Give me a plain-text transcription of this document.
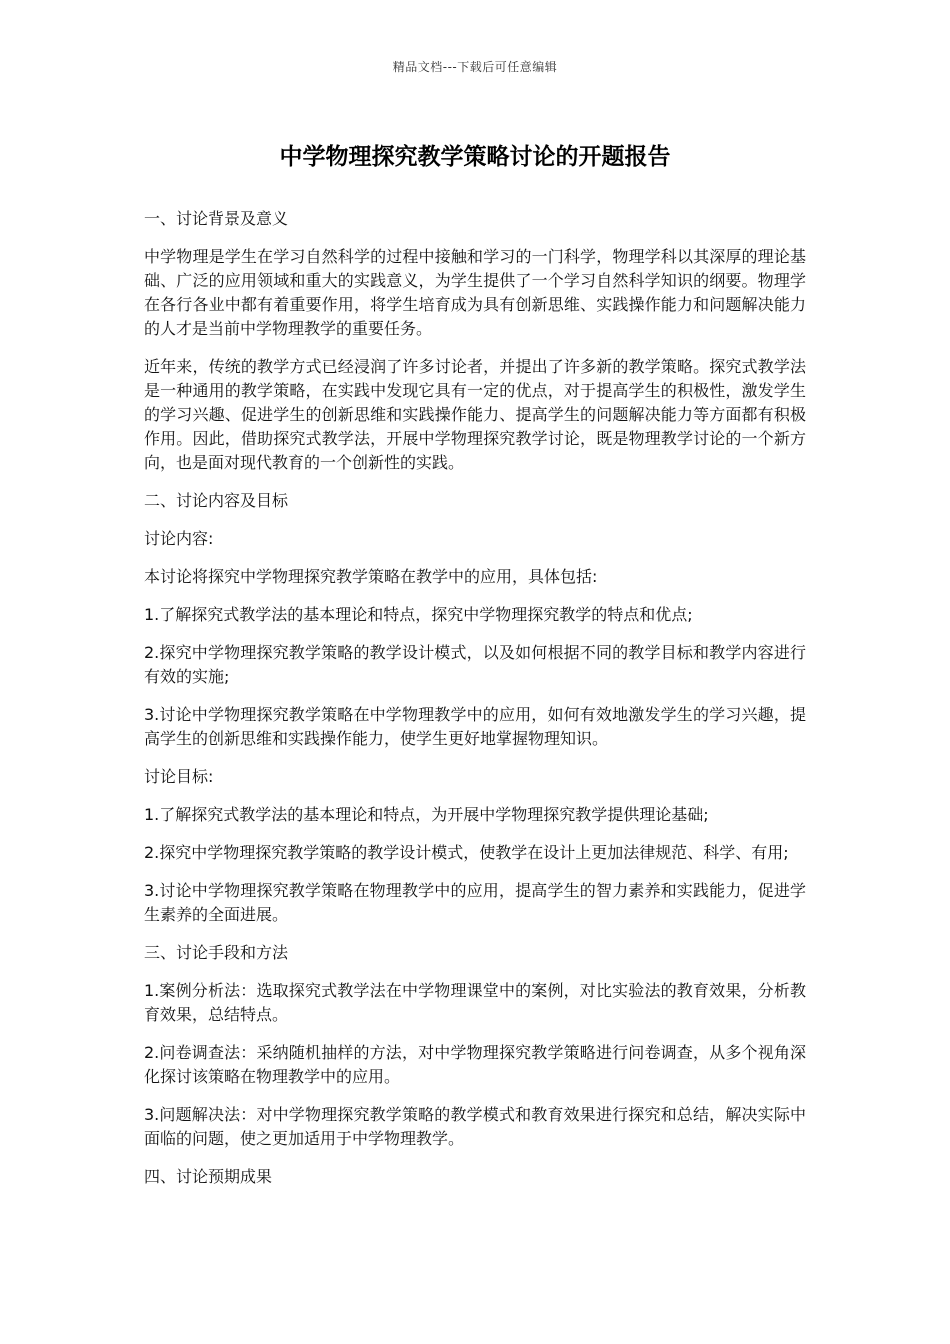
精品文档---下载后可任意编辑
中学物理探究教学策略讨论的开题报告

一、讨论背景及意义

中学物理是学生在学习自然科学的过程中接触和学习的一门科学，物理学科以其深厚的理论基础、广泛的应用领域和重大的实践意义，为学生提供了一个学习自然科学知识的纲要。物理学在各行各业中都有着重要作用，将学生培育成为具有创新思维、实践操作能力和问题解决能力的人才是当前中学物理教学的重要任务。

近年来，传统的教学方式已经浸润了许多讨论者，并提出了许多新的教学策略。探究式教学法是一种通用的教学策略，在实践中发现它具有一定的优点，对于提高学生的积极性，激发学生的学习兴趣、促进学生的创新思维和实践操作能力、提高学生的问题解决能力等方面都有积极作用。因此，借助探究式教学法，开展中学物理探究教学讨论，既是物理教学讨论的一个新方向，也是面对现代教育的一个创新性的实践。

二、讨论内容及目标

讨论内容:

本讨论将探究中学物理探究教学策略在教学中的应用，具体包括:

1.了解探究式教学法的基本理论和特点，探究中学物理探究教学的特点和优点;

2.探究中学物理探究教学策略的教学设计模式，以及如何根据不同的教学目标和教学内容进行有效的实施;

3.讨论中学物理探究教学策略在中学物理教学中的应用，如何有效地激发学生的学习兴趣，提高学生的创新思维和实践操作能力，使学生更好地掌握物理知识。

讨论目标:

1.了解探究式教学法的基本理论和特点，为开展中学物理探究教学提供理论基础;

2.探究中学物理探究教学策略的教学设计模式，使教学在设计上更加法律规范、科学、有用;

3.讨论中学物理探究教学策略在物理教学中的应用，提高学生的智力素养和实践能力，促进学生素养的全面进展。

三、讨论手段和方法

1.案例分析法：选取探究式教学法在中学物理课堂中的案例，对比实验法的教育效果，分析教育效果，总结特点。

2.问卷调查法：采纳随机抽样的方法，对中学物理探究教学策略进行问卷调查，从多个视角深化探讨该策略在物理教学中的应用。

3.问题解决法：对中学物理探究教学策略的教学模式和教育效果进行探究和总结，解决实际中面临的问题，使之更加适用于中学物理教学。

四、讨论预期成果
